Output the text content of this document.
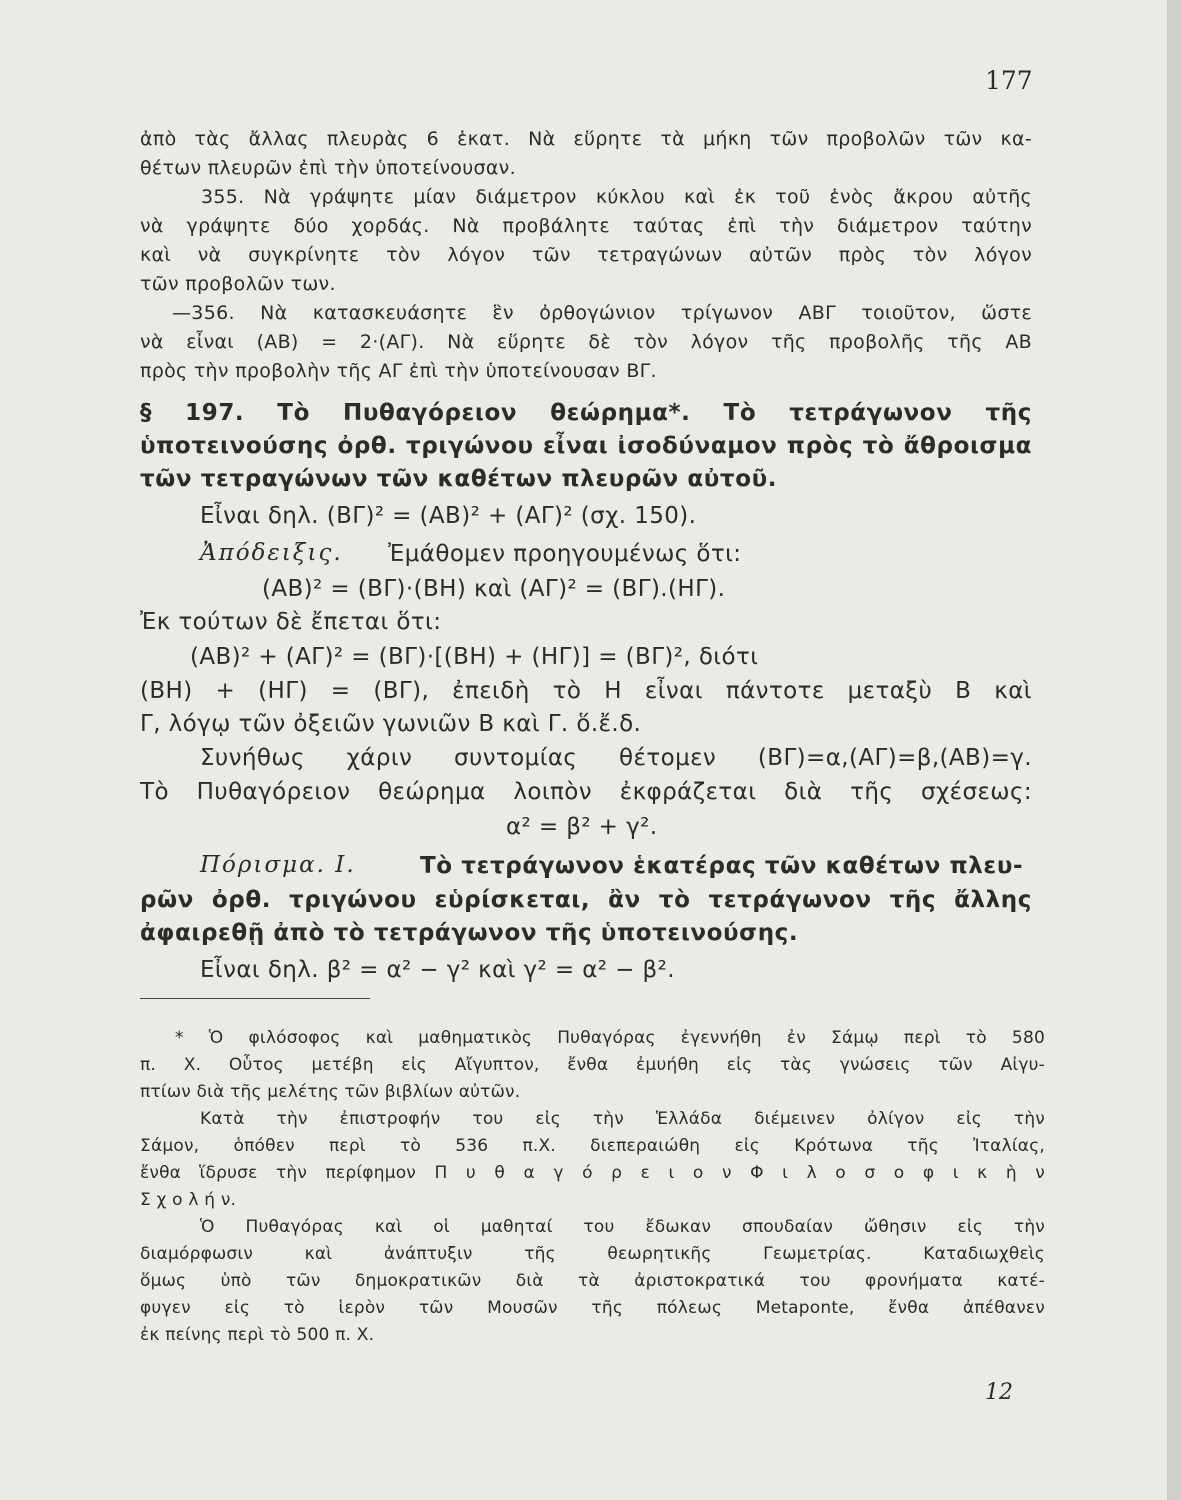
177
ἀπὸ τὰς ἄλλας πλευρὰς 6 ἑκατ. Νὰ εὕρητε τὰ μήκη τῶν προβολῶν τῶν κα-
θέτων πλευρῶν ἐπὶ τὴν ὑποτείνουσαν.
355. Νὰ γράψητε μίαν διάμετρον κύκλου καὶ ἐκ τοῦ ἑνὸς ἄκρου αὐτῆς
νὰ γράψητε δύο χορδάς. Νὰ προβάλητε ταύτας ἐπὶ τὴν διάμετρον ταύτην
καὶ νὰ συγκρίνητε τὸν λόγον τῶν τετραγώνων αὐτῶν πρὸς τὸν λόγον
τῶν προβολῶν των.
—356. Νὰ κατασκευάσητε ἓν ὀρθογώνιον τρίγωνον ΑΒΓ τοιοῦτον, ὥστε
νὰ εἶναι (ΑΒ) = 2·(ΑΓ). Νὰ εὕρητε δὲ τὸν λόγον τῆς προβολῆς τῆς ΑΒ
πρὸς τὴν προβολὴν τῆς ΑΓ ἐπὶ τὴν ὑποτείνουσαν ΒΓ.
§ 197. Τὸ Πυθαγόρειον θεώρημα*. Τὸ τετράγωνον τῆς
ὑποτεινούσης ὀρθ. τριγώνου εἶναι ἰσοδύναμον πρὸς τὸ ἄθροισμα
τῶν τετραγώνων τῶν καθέτων πλευρῶν αὐτοῦ.
Εἶναι δηλ. (ΒΓ)² = (ΑΒ)² + (ΑΓ)² (σχ. 150).
Ἐμάθομεν προηγουμένως ὅτι:
(ΑΒ)² = (ΒΓ)·(ΒΗ) καὶ (ΑΓ)² = (ΒΓ).(ΗΓ).
Ἐκ τούτων δὲ ἔπεται ὅτι:
(ΑΒ)² + (ΑΓ)² = (ΒΓ)·[(ΒΗ) + (ΗΓ)] = (ΒΓ)², διότι
(ΒΗ) + (ΗΓ) = (ΒΓ), ἐπειδὴ τὸ Η εἶναι πάντοτε μεταξὺ Β καὶ
Γ, λόγῳ τῶν ὀξειῶν γωνιῶν Β καὶ Γ. ὅ.ἔ.δ.
Συνήθως χάριν συντομίας θέτομεν (ΒΓ)=α,(ΑΓ)=β,(ΑΒ)=γ.
Τὸ Πυθαγόρειον θεώρημα λοιπὸν ἐκφράζεται διὰ τῆς σχέσεως:
α² = β² + γ².
Τὸ τετράγωνον ἑκατέρας τῶν καθέτων πλευ-
ρῶν ὀρθ. τριγώνου εὑρίσκεται, ἂν τὸ τετράγωνον τῆς ἄλλης
ἀφαιρεθῇ ἀπὸ τὸ τετράγωνον τῆς ὑποτεινούσης.
Εἶναι δηλ. β² = α² − γ² καὶ γ² = α² − β².
* Ὁ φιλόσοφος καὶ μαθηματικὸς Πυθαγόρας ἐγεννήθη ἐν Σάμῳ περὶ τὸ 580
π. Χ. Οὗτος μετέβη εἰς Αἴγυπτον, ἔνθα ἐμυήθη εἰς τὰς γνώσεις τῶν Αἰγυ-
πτίων διὰ τῆς μελέτης τῶν βιβλίων αὐτῶν.
Κατὰ τὴν ἐπιστροφήν του εἰς τὴν Ἑλλάδα διέμεινεν ὀλίγον εἰς τὴν
Σάμον, ὁπόθεν περὶ τὸ 536 π.Χ. διεπεραιώθη εἰς Κρότωνα τῆς Ἰταλίας,
ἔνθα ἵδρυσε τὴν περίφημον Π υ θ α γ ό ρ ε ι ο ν Φ ι λ ο σ ο φ ι κ ὴ ν
Σ χ ο λ ή ν.
Ὁ Πυθαγόρας καὶ οἱ μαθηταί του ἔδωκαν σπουδαίαν ὤθησιν εἰς τὴν
διαμόρφωσιν καὶ ἀνάπτυξιν τῆς θεωρητικῆς Γεωμετρίας. Καταδιωχθεὶς
ὅμως ὑπὸ τῶν δημοκρατικῶν διὰ τὰ ἀριστοκρατικά του φρονήματα κατέ-
φυγεν εἰς τὸ ἱερὸν τῶν Μουσῶν τῆς πόλεως Metaponte, ἔνθα ἀπέθανεν
ἐκ πείνης περὶ τὸ 500 π. Χ.
Ἀπόδειξις.
Πόρισμα. Ι.
12
